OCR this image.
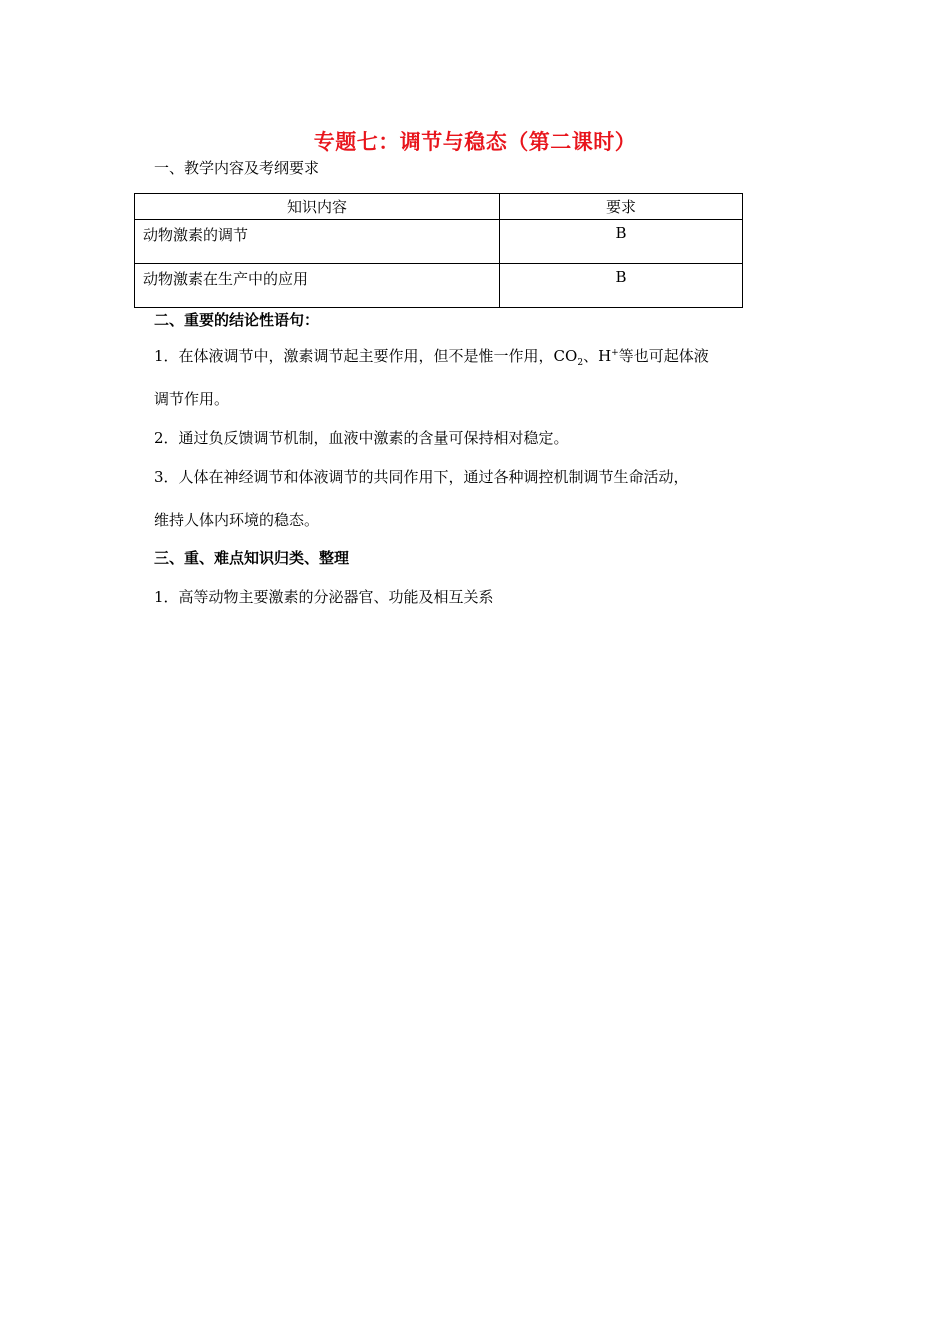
专题七：调节与稳态（第二课时）
一、教学内容及考纲要求
知识内容	要求
动物激素的调节	B
动物激素在生产中的应用	B
二、重要的结论性语句：
1．在体液调节中，激素调节起主要作用，但不是惟一作用，$CO_2$、H+等也可起体液
调节作用。
2．通过负反馈调节机制，血液中激素的含量可保持相对稳定。
3．人体在神经调节和体液调节的共同作用下，通过各种调控机制调节生命活动，
维持人体内环境的稳态。
三、重、难点知识归类、整理
1．高等动物主要激素的分泌器官、功能及相互关系
